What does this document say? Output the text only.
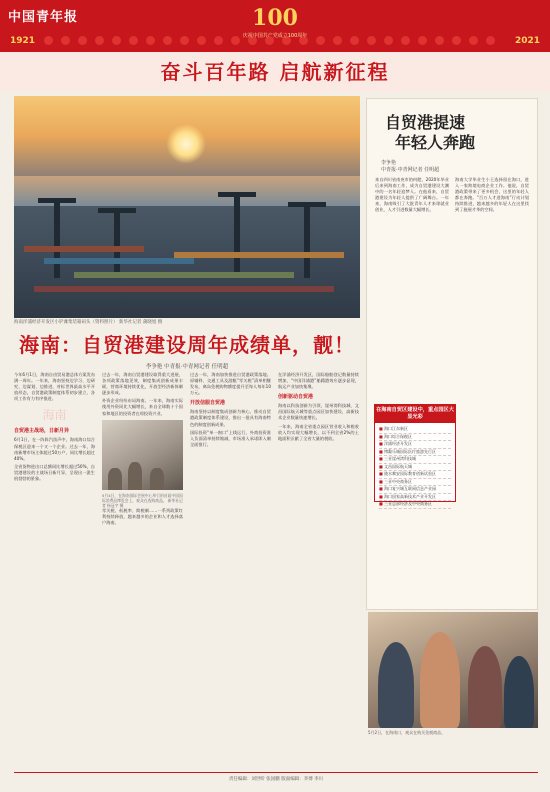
中国青年报	100
庆祝中国共产党成立100周年
1921	2021
奋斗百年路 启航新征程
海南洋浦经济开发区小铲滩集装箱码头（资料照片） 新华社记者 蒲晓旭 摄
海南：自贸港建设周年成绩单，靓！
李争艳 中青报·中青网记者 任明超

今年6月1日，海南自由贸易港总体方案发布满一周年。一年来，海南坚持边学习、边研究、边谋划、边推进，对标世界最高水平开放形态，自贸港政策制度体系初步建立，各项工作有力有序推进。

海南
自贸港主战场，日新月异

6月1日，在一阵阵汽笛声中，海南海口综合保税区迎来一个又一个企业。过去一年，海南新增市场主体超过50万户，同比增长超过40%。

全省货物进出口总额同比增长超过50%，自贸港建设的主战场日新月异，呈现出一派生机勃勃的景象。

过去一年，海南自贸港建设取得重大进展，各项政策落地见效，制度集成创新成果丰硕，营商环境持续优化，开放型经济新体制逐步形成。

外资企业纷纷布局海南。一年来，海南实际使用外资同比大幅增长，来自全球数十个国家和地区的投资者在琼投资兴业。

5月4日，在海南国际会展中心举行的首届中国国际消费品博览会上，观众在选购商品。 新华社记者 杨冠宇 摄

零关税、低税率、简税制……一系列政策红利持续释放，越来越多的企业和人才选择落户海南。

过去一年，海南加快推进自贸港政策落地。原辅料、交通工具及游艇“零关税”清单相继发布，离岛免税购物额度提升至每人每年10万元。

开放信服自贸港

海南坚持以制度集成创新为核心，推动自贸港政策制度体系建设，推出一批具有海南特色的制度创新成果。

国际投资“单一窗口”上线运行，外商投资准入负面清单持续缩减，市场准入承诺即入制全面推行。

在洋浦经济开发区，国际船舶登记数量持续增加，“中国洋浦港”船籍港效应逐步显现，航运产业加快集聚。

创新驱动自贸港

海南以科技创新为引领，崖州湾科技城、文昌国际航天城等重点园区加快建设，高新技术企业数量快速增长。

一年来，海南全省重点园区营业收入和税收收入均实现大幅增长，以不到全省2%的土地面积贡献了全省大量的税收。

自贸港提速
年轻人奔跑
李争艳
中青报·中青网记者 任明超

来自四川省南充市的何懿，2020年毕业后来到海南工作，成为自贸港建设大潮中的一名年轻追梦人。在他看来，自贸港建设为年轻人提供了广阔舞台。一年来，海南吸引了大批青年人才来琼就业创业，人才引进数量大幅增长。

海南大学毕业生小王选择留在海口，进入一家跨境电商企业工作。他说，自贸港政策带来了更多机会，这里的年轻人都在奔跑。“百万人才进海南”行动计划持续推进，越来越多的年轻人在这里找到了施展才华的空间。

在海南自贸区建设中，重点园区大显光彩
■ 海口江东新区
■ 海口综合保税区
■ 洋浦经济开发区
■ 博鳌乐城国际医疗旅游先行区
■ 三亚崖州湾科技城
■ 文昌国际航天城
■ 陵水黎安国际教育创新试验区
■ 三亚中央商务区
■ 海口复兴城互联网信息产业园
■ 海口国家高新技术产业开发区
■ 三亚总部经济及中央商务区
5月2日，在海南口，观众在购买免税商品。
责任编辑：刘世昕 张国鹏 版面编辑：李博 李川
